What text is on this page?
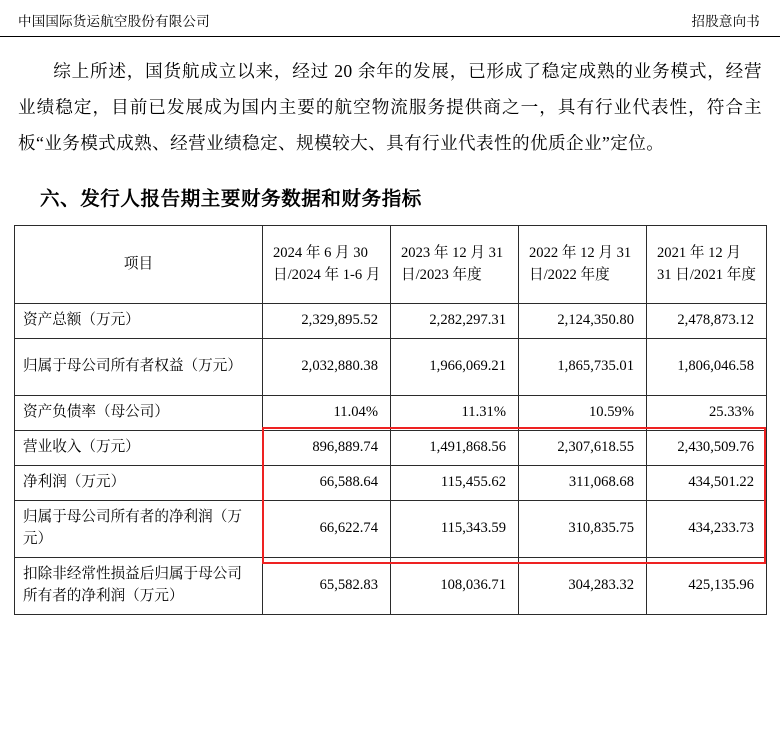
中国国际货运航空股份有限公司	招股意向书

综上所述，国货航成立以来，经过 20 余年的发展，已形成了稳定成熟的业务模式，经营业绩稳定，目前已发展成为国内主要的航空物流服务提供商之一，具有行业代表性，符合主板“业务模式成熟、经营业绩稳定、规模较大、具有行业代表性的优质企业”定位。

六、发行人报告期主要财务数据和财务指标
项目	2024 年 6 月 30 日/2024 年 1-6 月	2023 年 12 月 31 日/2023 年度	2022 年 12 月 31 日/2022 年度	2021 年 12 月 31 日/2021 年度
资产总额（万元）	2,329,895.52	2,282,297.31	2,124,350.80	2,478,873.12
归属于母公司所有者权益（万元）	2,032,880.38	1,966,069.21	1,865,735.01	1,806,046.58
资产负债率（母公司）	11.04%	11.31%	10.59%	25.33%
营业收入（万元）	896,889.74	1,491,868.56	2,307,618.55	2,430,509.76
净利润（万元）	66,588.64	115,455.62	311,068.68	434,501.22
归属于母公司所有者的净利润（万元）	66,622.74	115,343.59	310,835.75	434,233.73
扣除非经常性损益后归属于母公司所有者的净利润（万元）	65,582.83	108,036.71	304,283.32	425,135.96
